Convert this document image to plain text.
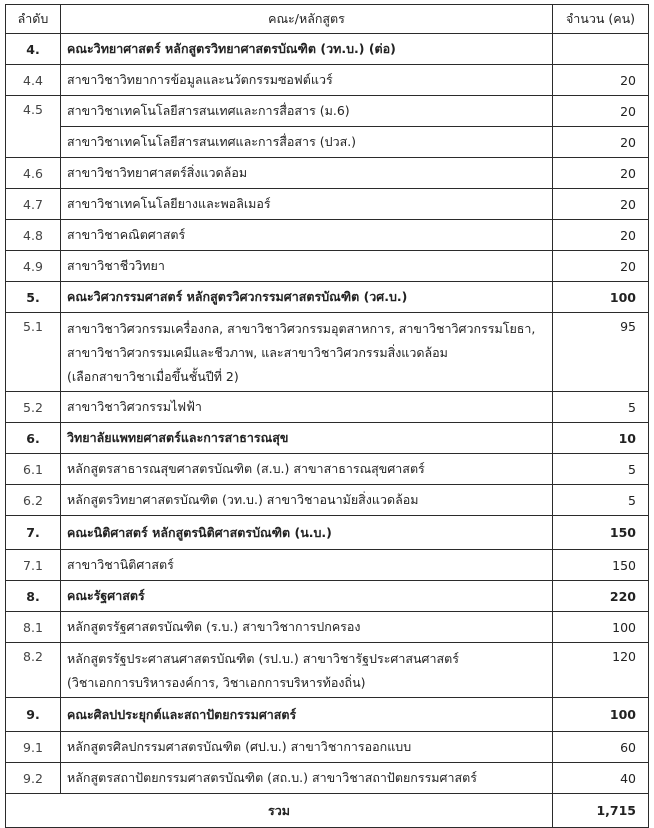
ลำดับ	คณะ/หลักสูตร	จำนวน (คน)
4.	คณะวิทยาศาสตร์ หลักสูตรวิทยาศาสตรบัณฑิต (วท.บ.) (ต่อ)	
4.4	สาขาวิชาวิทยาการข้อมูลและนวัตกรรมซอฟต์แวร์	20
4.5	สาขาวิชาเทคโนโลยีสารสนเทศและการสื่อสาร (ม.6)	20
	สาขาวิชาเทคโนโลยีสารสนเทศและการสื่อสาร (ปวส.)	20
4.6	สาขาวิชาวิทยาศาสตร์สิ่งแวดล้อม	20
4.7	สาขาวิชาเทคโนโลยียางและพอลิเมอร์	20
4.8	สาขาวิชาคณิตศาสตร์	20
4.9	สาขาวิชาชีววิทยา	20
5.	คณะวิศวกรรมศาสตร์ หลักสูตรวิศวกรรมศาสตรบัณฑิต (วศ.บ.)	100
5.1	สาขาวิชาวิศวกรรมเครื่องกล, สาขาวิชาวิศวกรรมอุตสาหการ, สาขาวิชาวิศวกรรมโยธา,
สาขาวิชาวิศวกรรมเคมีและชีวภาพ, และสาขาวิชาวิศวกรรมสิ่งแวดล้อม
(เลือกสาขาวิชาเมื่อขึ้นชั้นปีที่ 2)	95
5.2	สาขาวิชาวิศวกรรมไฟฟ้า	5
6.	วิทยาลัยแพทยศาสตร์และการสาธารณสุข	10
6.1	หลักสูตรสาธารณสุขศาสตรบัณฑิต (ส.บ.) สาขาสาธารณสุขศาสตร์	5
6.2	หลักสูตรวิทยาศาสตรบัณฑิต (วท.บ.) สาขาวิชาอนามัยสิ่งแวดล้อม	5
7.	คณะนิติศาสตร์ หลักสูตรนิติศาสตรบัณฑิต (น.บ.)	150
7.1	สาขาวิชานิติศาสตร์	150
8.	คณะรัฐศาสตร์	220
8.1	หลักสูตรรัฐศาสตรบัณฑิต (ร.บ.) สาขาวิชาการปกครอง	100
8.2	หลักสูตรรัฐประศาสนศาสตรบัณฑิต (รป.บ.) สาขาวิชารัฐประศาสนศาสตร์
(วิชาเอกการบริหารองค์การ, วิชาเอกการบริหารท้องถิ่น)	120
9.	คณะศิลปประยุกต์และสถาปัตยกรรมศาสตร์	100
9.1	หลักสูตรศิลปกรรมศาสตรบัณฑิต (ศป.บ.) สาขาวิชาการออกแบบ	60
9.2	หลักสูตรสถาปัตยกรรมศาสตรบัณฑิต (สถ.บ.) สาขาวิชาสถาปัตยกรรมศาสตร์	40
รวม		1,715
